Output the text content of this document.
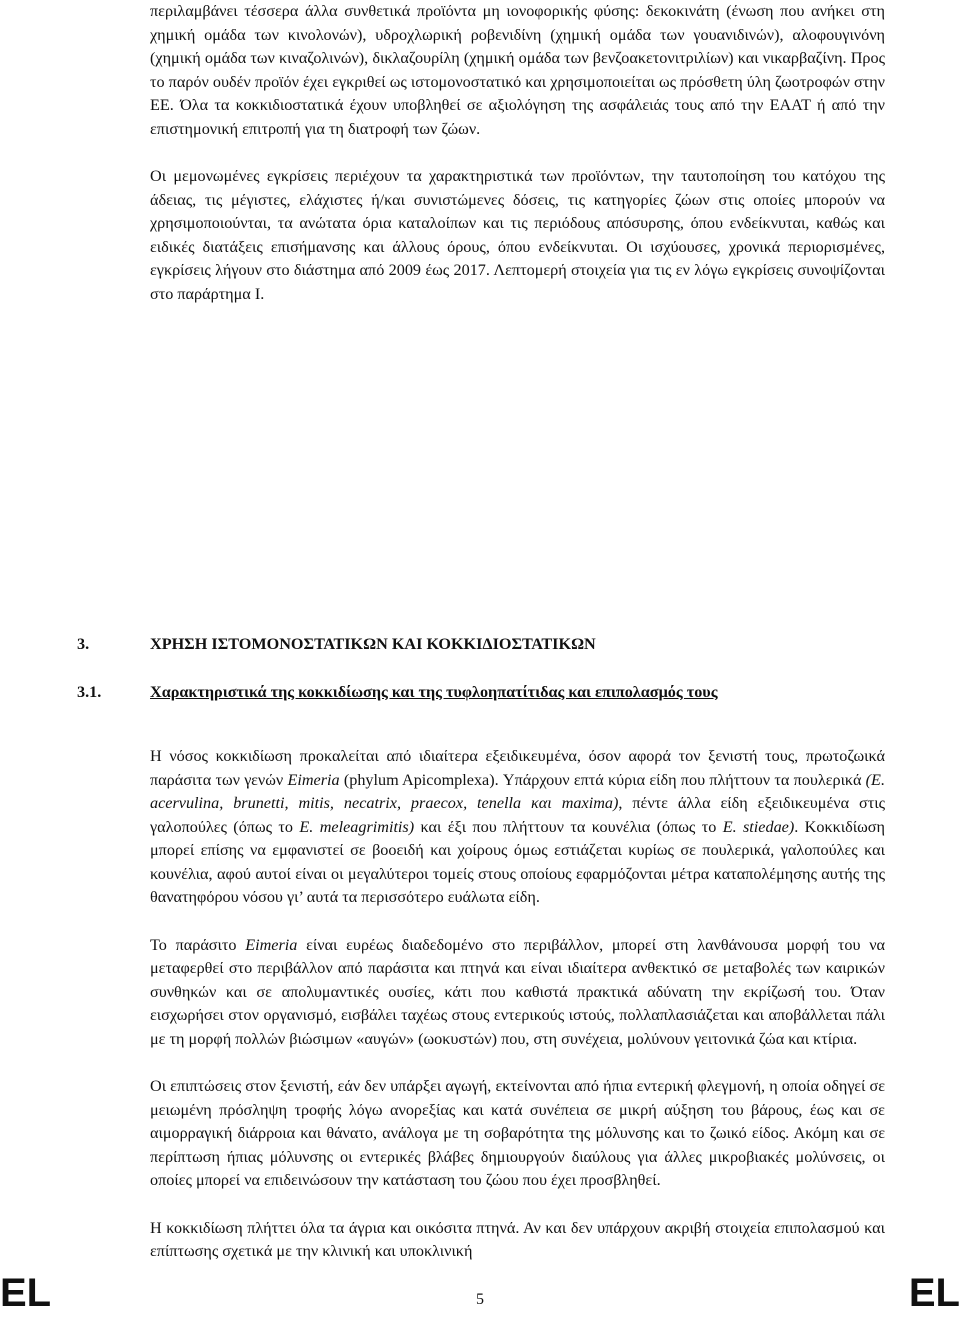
περιλαμβάνει τέσσερα άλλα συνθετικά προϊόντα μη ιονοφορικής φύσης: δεκοκινάτη (ένωση που ανήκει στη χημική ομάδα των κινολονών), υδροχλωρική ροβενιδίνη (χημική ομάδα των γουανιδινών), αλοφουγινόνη (χημική ομάδα των κιναζολινών), δικλαζουρίλη (χημική ομάδα των βενζοακετονιτριλίων) και νικαρβαζίνη. Προς το παρόν ουδέν προϊόν έχει εγκριθεί ως ιστομονοστατικό και χρησιμοποιείται ως πρόσθετη ύλη ζωοτροφών στην ΕΕ. Όλα τα κοκκιδιοστατικά έχουν υποβληθεί σε αξιολόγηση της ασφάλειάς τους από την ΕΑΑΤ ή από την επιστημονική επιτροπή για τη διατροφή των ζώων.

Οι μεμονωμένες εγκρίσεις περιέχουν τα χαρακτηριστικά των προϊόντων, την ταυτοποίηση του κατόχου της άδειας, τις μέγιστες, ελάχιστες ή/και συνιστώμενες δόσεις, τις κατηγορίες ζώων στις οποίες μπορούν να χρησιμοποιούνται, τα ανώτατα όρια καταλοίπων και τις περιόδους απόσυρσης, όπου ενδείκνυται, καθώς και ειδικές διατάξεις επισήμανσης και άλλους όρους, όπου ενδείκνυται. Οι ισχύουσες, χρονικά περιορισμένες, εγκρίσεις λήγουν στο διάστημα από 2009 έως 2017. Λεπτομερή στοιχεία για τις εν λόγω εγκρίσεις συνοψίζονται στο παράρτημα Ι.

3.	ΧΡΗΣΗ ΙΣΤΟΜΟΝΟΣΤΑΤΙΚΩΝ ΚΑΙ ΚΟΚΚΙΔΙΟΣΤΑΤΙΚΩΝ
3.1.	Χαρακτηριστικά της κοκκιδίωσης και της τυφλοηπατίτιδας και επιπολασμός τους

Η νόσος κοκκιδίωση προκαλείται από ιδιαίτερα εξειδικευμένα, όσον αφορά τον ξενιστή τους, πρωτοζωικά παράσιτα των γενών Eimeria (phylum Apicomplexa). Υπάρχουν επτά κύρια είδη που πλήττουν τα πουλερικά (E. acervulina, brunetti, mitis, necatrix, praecox, tenella και maxima), πέντε άλλα είδη εξειδικευμένα στις γαλοπούλες (όπως το E. meleagrimitis) και έξι που πλήττουν τα κουνέλια (όπως το E. stiedae). Κοκκιδίωση μπορεί επίσης να εμφανιστεί σε βοοειδή και χοίρους όμως εστιάζεται κυρίως σε πουλερικά, γαλοπούλες και κουνέλια, αφού αυτοί είναι οι μεγαλύτεροι τομείς στους οποίους εφαρμόζονται μέτρα καταπολέμησης αυτής της θανατηφόρου νόσου γι’ αυτά τα περισσότερο ευάλωτα είδη.

Το παράσιτο Eimeria είναι ευρέως διαδεδομένο στο περιβάλλον, μπορεί στη λανθάνουσα μορφή του να μεταφερθεί στο περιβάλλον από παράσιτα και πτηνά και είναι ιδιαίτερα ανθεκτικό σε μεταβολές των καιρικών συνθηκών και σε απολυμαντικές ουσίες, κάτι που καθιστά πρακτικά αδύνατη την εκρίζωσή του. Όταν εισχωρήσει στον οργανισμό, εισβάλει ταχέως στους εντερικούς ιστούς, πολλαπλασιάζεται και αποβάλλεται πάλι με τη μορφή πολλών βιώσιμων «αυγών» (ωοκυστών) που, στη συνέχεια, μολύνουν γειτονικά ζώα και κτίρια.

Οι επιπτώσεις στον ξενιστή, εάν δεν υπάρξει αγωγή, εκτείνονται από ήπια εντερική φλεγμονή, η οποία οδηγεί σε μειωμένη πρόσληψη τροφής λόγω ανορεξίας και κατά συνέπεια σε μικρή αύξηση του βάρους, έως και σε αιμορραγική διάρροια και θάνατο, ανάλογα με τη σοβαρότητα της μόλυνσης και το ζωικό είδος. Ακόμη και σε περίπτωση ήπιας μόλυνσης οι εντερικές βλάβες δημιουργούν διαύλους για άλλες μικροβιακές μολύνσεις, οι οποίες μπορεί να επιδεινώσουν την κατάσταση του ζώου που έχει προσβληθεί.

Η κοκκιδίωση πλήττει όλα τα άγρια και οικόσιτα πτηνά. Αν και δεν υπάρχουν ακριβή στοιχεία επιπολασμού και επίπτωσης σχετικά με την κλινική και υποκλινική

EL	5	EL
